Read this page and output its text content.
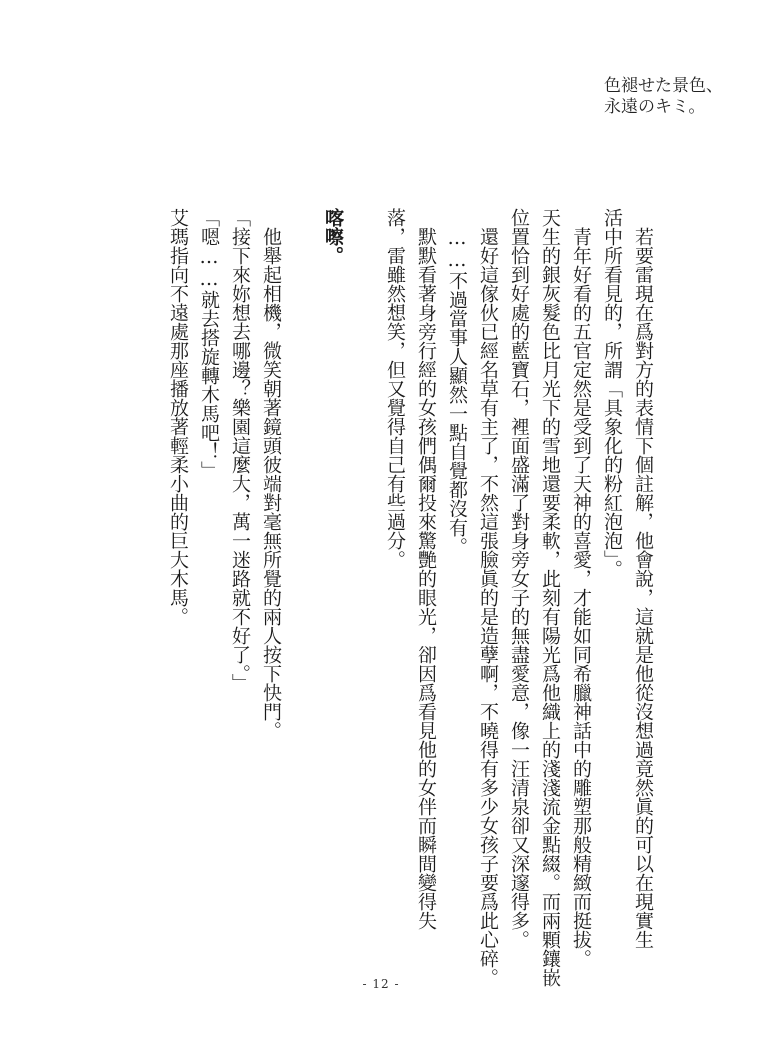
色褪せた景色、
永遠のキミ。

若要雷現在爲對方的表情下個註解，他會說，這就是他從沒想過竟然眞的可以在現實生

活中所看見的，所謂「具象化的粉紅泡泡」。

青年好看的五官定然是受到了天神的喜愛，才能如同希臘神話中的雕塑那般精緻而挺拔。

天生的銀灰髮色比月光下的雪地還要柔軟，此刻有陽光爲他織上的淺淺流金點綴。而兩顆鑲嵌

位置恰到好處的藍寶石，裡面盛滿了對身旁女子的無盡愛意，像一汪清泉卻又深邃得多。

還好這傢伙已經名草有主了，不然這張臉眞的是造孽啊，不曉得有多少女孩子要爲此心碎。

……不過當事人顯然一點自覺都沒有。

默默看著身旁行經的女孩們偶爾投來驚艷的眼光，卻因爲看見他的女伴而瞬間變得失

落，雷雖然想笑，但又覺得自己有些過分。

喀嚓。

他舉起相機，微笑朝著鏡頭彼端對毫無所覺的兩人按下快門。

「接下來妳想去哪邊？樂園這麼大，萬一迷路就不好了。」

「嗯……就去搭旋轉木馬吧！」

艾瑪指向不遠處那座播放著輕柔小曲的巨大木馬。

- 12 -
